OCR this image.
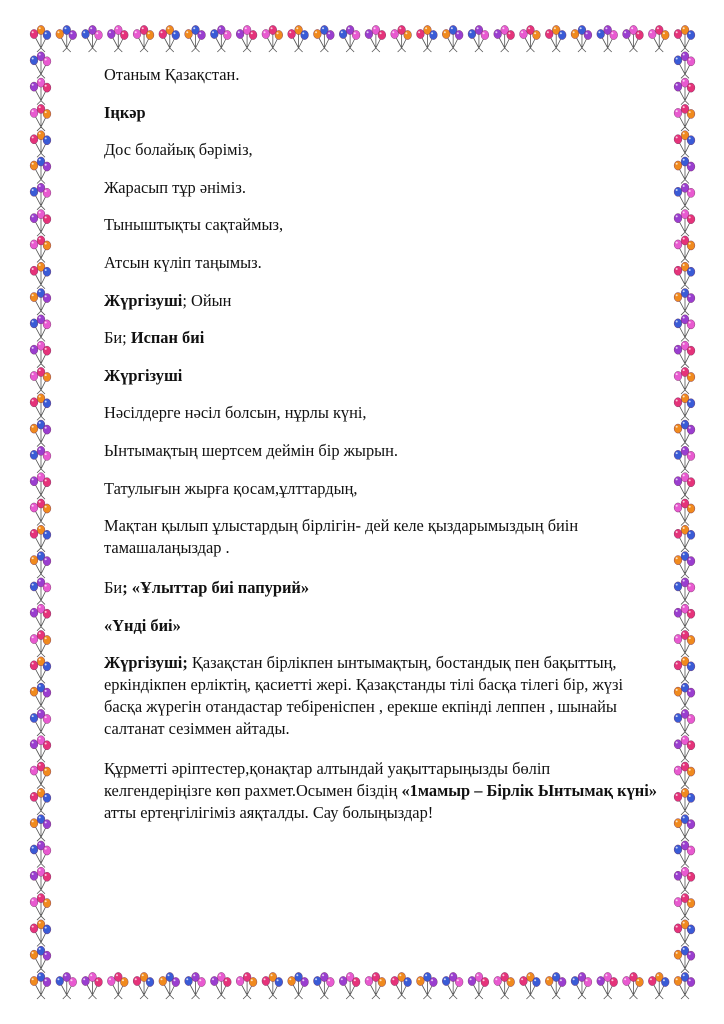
Отаным Қазақстан.

Іңкәр

Дос болайық бәріміз,

Жарасып тұр әніміз.

Тыныштықты сақтаймыз,

Атсын күліп таңымыз.

Жүргізуші; Ойын

Би; Испан биі

Жүргізуші

Нәсілдерге нәсіл болсын, нұрлы күні,

Ынтымақтың шертсем деймін бір жырын.

Татулығын жырға қосам,ұлттардың,

Мақтан қылып ұлыстардың бірлігін- дей келе қыздарымыздың биін тамашалаңыздар .

Би; «Ұлыттар биі папурий»

«Үнді биі»

Жүргізуші; Қазақстан бірлікпен ынтымақтың, бостандық пен бақыттың, еркіндікпен ерліктің, қасиетті жері. Қазақстанды тілі басқа тілегі бір, жүзі басқа жүрегін отандастар тебіреніспен , ерекше екпінді леппен , шынайы салтанат сезіммен айтады.

Құрметті әріптестер,қонақтар алтындай уақыттарыңызды бөліп келгендеріңізге көп рахмет.Осымен біздің «1мамыр – Бірлік Ынтымақ күні» атты ертеңгілігіміз аяқталды. Сау болыңыздар!
